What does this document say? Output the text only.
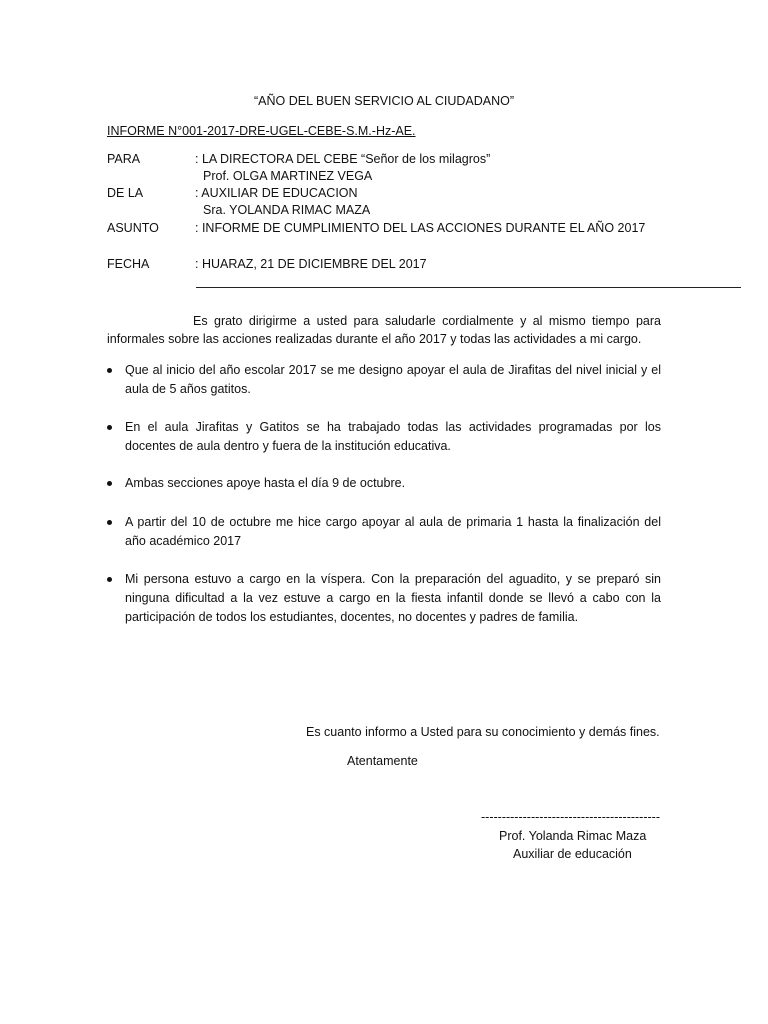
“AÑO DEL BUEN SERVICIO AL CIUDADANO”
INFORME N°001-2017-DRE-UGEL-CEBE-S.M.-Hz-AE.
PARA	: LA DIRECTORA DEL CEBE “Señor de los milagros”
Prof. OLGA MARTINEZ VEGA
DE LA	: AUXILIAR DE EDUCACION
Sra. YOLANDA RIMAC MAZA
ASUNTO	: INFORME DE CUMPLIMIENTO DEL LAS ACCIONES DURANTE EL AÑO 2017
FECHA	: HUARAZ, 21 DE DICIEMBRE DEL 2017
Es grato dirigirme a usted para saludarle cordialmente y al mismo tiempo para informales sobre las acciones realizadas durante el año 2017 y todas las actividades a mi cargo.
Que al inicio del año escolar 2017 se me designo apoyar el aula de Jirafitas del nivel inicial y el aula de 5 años gatitos.
En el aula Jirafitas y Gatitos se ha trabajado todas las actividades programadas por los docentes de aula dentro y fuera de la institución educativa.
Ambas secciones apoye hasta el día 9 de octubre.
A partir del 10 de octubre me hice cargo apoyar al aula de primaria 1 hasta la finalización del año académico 2017
Mi persona estuvo a cargo en la víspera. Con la preparación del aguadito, y se preparó sin ninguna dificultad a la vez estuve a cargo en la fiesta infantil donde se llevó a cabo con la participación de todos los estudiantes, docentes, no docentes y padres de familia.
Es cuanto informo a Usted para su conocimiento y demás fines.
Atentamente
-------------------------------------------
Prof. Yolanda Rimac Maza
Auxiliar de educación
